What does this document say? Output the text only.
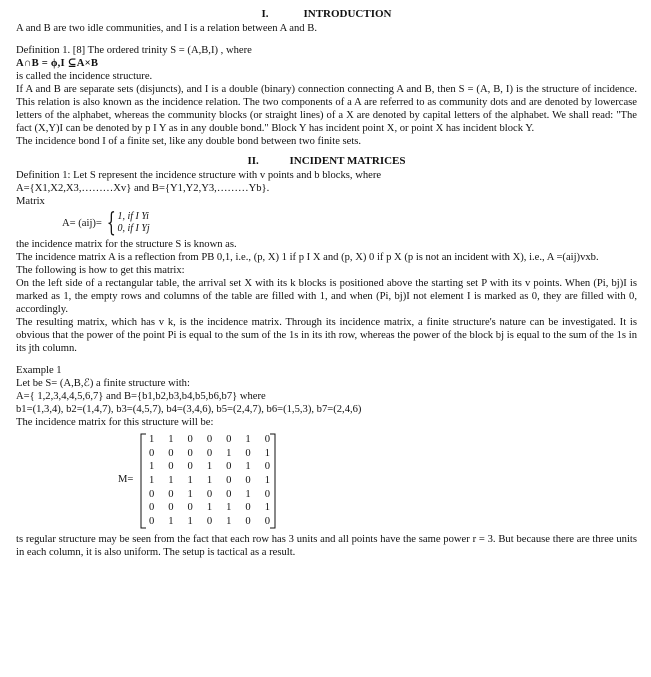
I.	INTRODUCTION

A and B are two idle communities, and I is a relation between A and B.

Definition 1. [8] The ordered trinity S = (A,B,I) , where

A∩B = ϕ,I ⊆A×B

is called the incidence structure.

If A and B are separate sets (disjuncts), and I is a double (binary) connection connecting A and B, then S = (A, B, I) is the structure of incidence. This relation is also known as the incidence relation. The two components of a A are referred to as community dots and are denoted by lowercase letters of the alphabet, whereas the community blocks (or straight lines) of a X are denoted by capital letters of the alphabet. We shall read: "The fact (X,Y)I can be denoted by p I Y as in any double bond." Block Y has incident point X, or point X has incident block Y.

The incidence bond I of a finite set, like any double bond between two finite sets.

II.	INCIDENT MATRICES

Definition 1: Let S represent the incidence structure with v points and b blocks, where

A={X1,X2,X3,………Xv} and B={Y1,Y2,Y3,………Yb}.

Matrix

A= (aij)= { 1, if I Yi
0, if I Yj

the incidence matrix for the structure S is known as.

The incidence matrix A is a reflection from PB 0,1, i.e., (p, X) 1 if p I X and (p, X) 0 if p X (p is not an incident with X), i.e., A =(aij)vxb.

The following is how to get this matrix:

On the left side of a rectangular table, the arrival set X with its k blocks is positioned above the starting set P with its v points. When (Pi, bj)I is marked as 1, the empty rows and columns of the table are filled with 1, and when (Pi, bj)I not element I is marked as 0, they are filled with 0, accordingly.

The resulting matrix, which has v k, is the incidence matrix. Through its incidence matrix, a finite structure's nature can be investigated. It is obvious that the power of the point Pi is equal to the sum of the 1s in its ith row, whereas the power of the block bj is equal to the sum of the 1s in its jth column.

Example 1

Let be S= (A,B,ℰ) a finite structure with:

A={ 1,2,3,4,4,5,6,7} and B={b1,b2,b3,b4,b5,b6,b7} where

b1=(1,3,4), b2=(1,4,7), b3=(4,5,7), b4=(3,4,6), b5=(2,4,7), b6=(1,5,3), b7=(2,4,6)

The incidence matrix for this structure will be:

M=
1	1	0	0	0	1	0
0	0	0	0	1	0	1
1	0	0	1	0	1	0
1	1	1	1	0	0	1
0	0	1	0	0	1	0
0	0	0	1	1	0	1
0	1	1	0	1	0	0

ts regular structure may be seen from the fact that each row has 3 units and all points have the same power r = 3. But because there are three units in each column, it is also uniform. The setup is tactical as a result.
